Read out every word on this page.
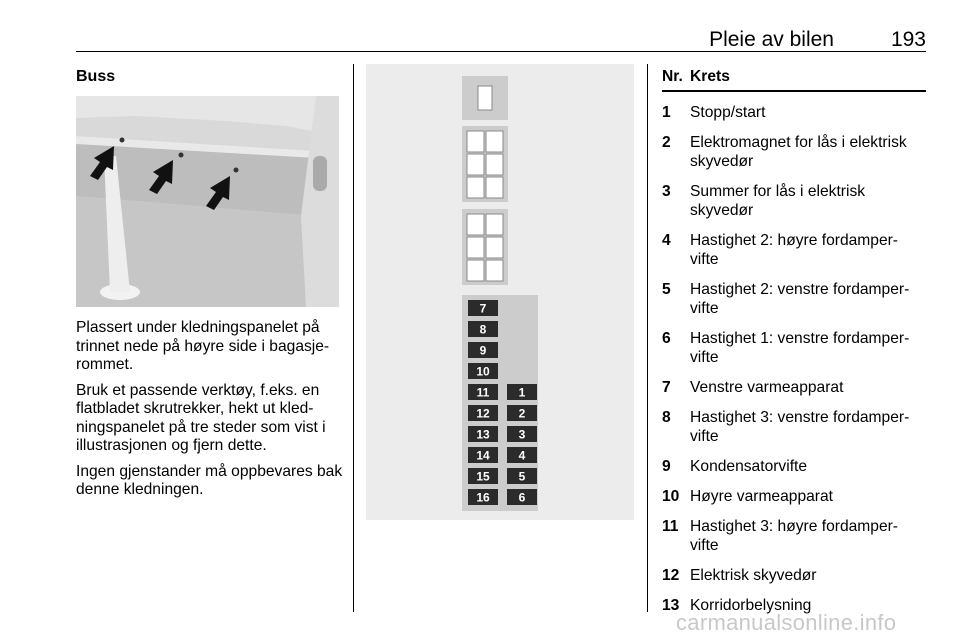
Pleie av bilen	193
Buss

Plassert under kledningspanelet på trinnet nede på høyre side i bagasje-rommet.

Bruk et passende verktøy, f.eks. en flatbladet skrutrekker, hekt ut kled-ningspanelet på tre steder som vist i illustrasjonen og fjern dette.

Ingen gjenstander må oppbevares bak denne kledningen.

7
8
9
10
11
12
13
14
15
16
1
2
3
4
5
6
Nr. Krets
1	Stopp/start
2	Elektromagnet for lås i elektrisk skyvedør
3	Summer for lås i elektrisk skyvedør
4	Hastighet 2: høyre fordamper-vifte
5	Hastighet 2: venstre fordamper-vifte
6	Hastighet 1: venstre fordamper-vifte
7	Venstre varmeapparat
8	Hastighet 3: venstre fordamper-vifte
9	Kondensatorvifte
10 Høyre varmeapparat
11 Hastighet 3: høyre fordamper-vifte
12 Elektrisk skyvedør
13 Korridorbelysning
carmanualsonline.info
